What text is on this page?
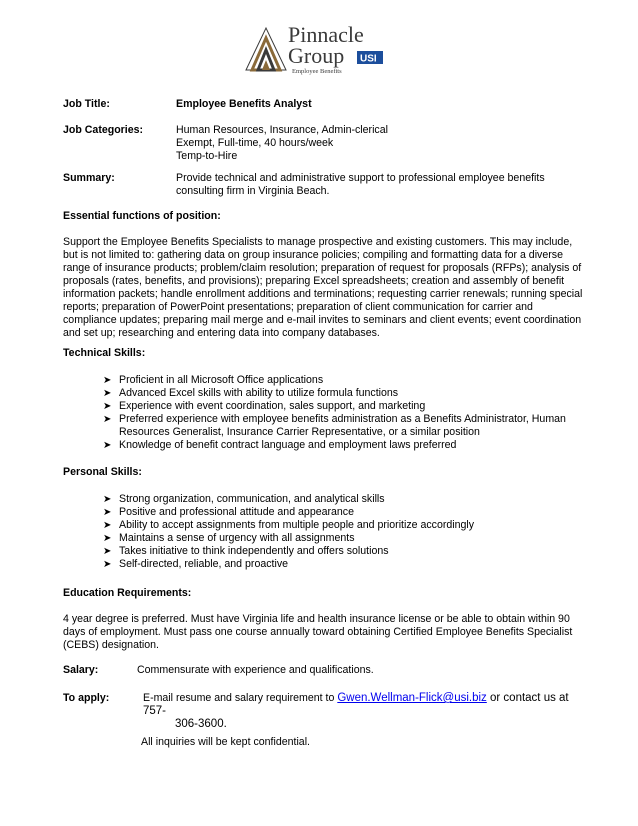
Pinnacle
Group USI
Employee Benefits
Job Title:	Employee Benefits Analyst
Job Categories:	Human Resources, Insurance, Admin-clerical
Exempt, Full-time, 40 hours/week
Temp-to-Hire
Summary:	Provide technical and administrative support to professional employee benefits
consulting firm in Virginia Beach.
Essential functions of position:
Support the Employee Benefits Specialists to manage prospective and existing customers. This may include,
but is not limited to: gathering data on group insurance policies; compiling and formatting data for a diverse
range of insurance products; problem/claim resolution; preparation of request for proposals (RFPs); analysis of
proposals (rates, benefits, and provisions); preparing Excel spreadsheets; creation and assembly of benefit
information packets; handle enrollment additions and terminations; requesting carrier renewals; running special
reports; preparation of PowerPoint presentations; preparation of client communication for carrier and
compliance updates; preparing mail merge and e-mail invites to seminars and client events; event coordination
and set up; researching and entering data into company databases.
Technical Skills:
➤ Proficient in all Microsoft Office applications
➤ Advanced Excel skills with ability to utilize formula functions
➤ Experience with event coordination, sales support, and marketing
➤ Preferred experience with employee benefits administration as a Benefits Administrator, Human
Resources Generalist, Insurance Carrier Representative, or a similar position
➤ Knowledge of benefit contract language and employment laws preferred
Personal Skills:
➤ Strong organization, communication, and analytical skills
➤ Positive and professional attitude and appearance
➤ Ability to accept assignments from multiple people and prioritize accordingly
➤ Maintains a sense of urgency with all assignments
➤ Takes initiative to think independently and offers solutions
➤ Self-directed, reliable, and proactive
Education Requirements:
4 year degree is preferred. Must have Virginia life and health insurance license or be able to obtain within 90
days of employment. Must pass one course annually toward obtaining Certified Employee Benefits Specialist
(CEBS) designation.
Salary:	Commensurate with experience and qualifications.
To apply:	E-mail resume and salary requirement to Gwen.Wellman-Flick@usi.biz or contact us at 757-
306-3600.
All inquiries will be kept confidential.
